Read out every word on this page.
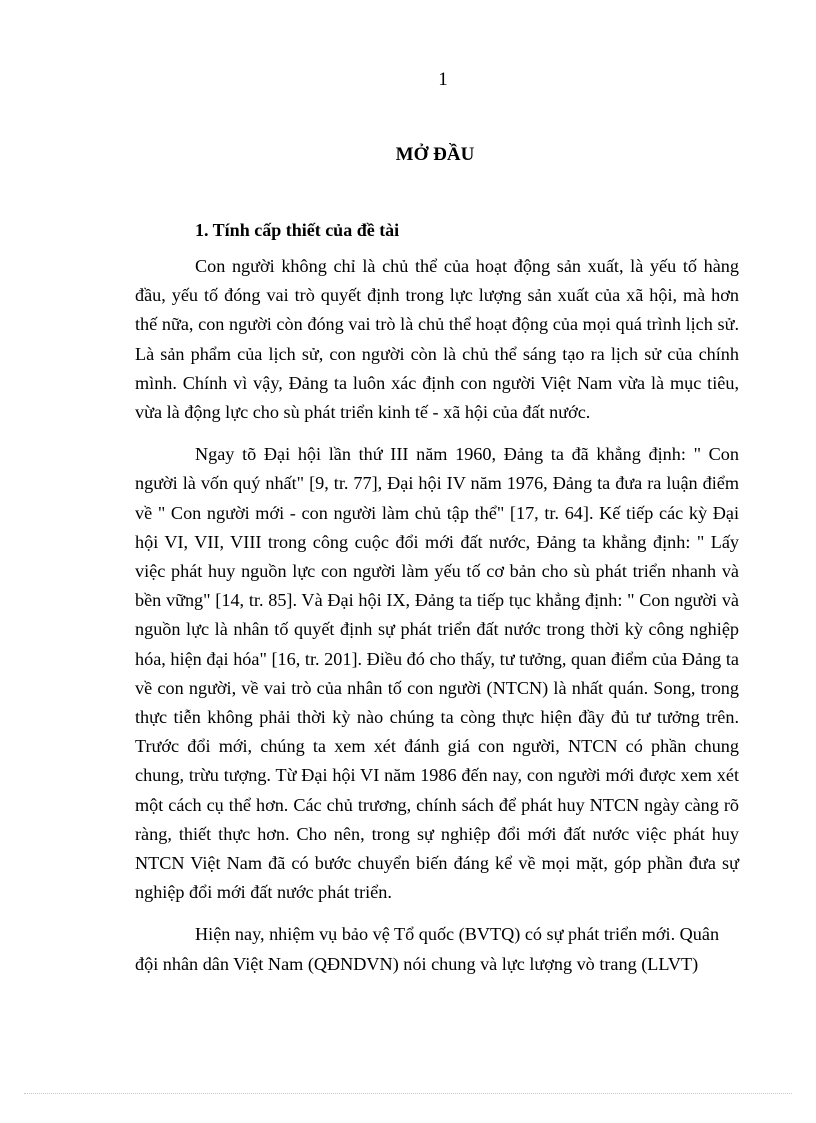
1
MỞ ĐẦU
1. Tính cấp thiết của đề tài

Con người không chỉ là chủ thể của hoạt động sản xuất, là yếu tố hàng đầu, yếu tố đóng vai trò quyết định trong lực lượng sản xuất của xã hội, mà hơn thế nữa, con người còn đóng vai trò là chủ thể hoạt động của mọi quá trình lịch sử. Là sản phẩm của lịch sử, con người còn là chủ thể sáng tạo ra lịch sử của chính mình. Chính vì vậy, Đảng ta luôn xác định con người Việt Nam vừa là mục tiêu, vừa là động lực cho sù phát triển kinh tế - xã hội của đất nước.

Ngay tõ Đại hội lần thứ III năm 1960, Đảng ta đã khẳng định: " Con người là vốn quý nhất" [9, tr. 77], Đại hội IV năm 1976, Đảng ta đưa ra luận điểm về " Con người mới - con người làm chủ tập thể" [17, tr. 64]. Kế tiếp các kỳ Đại hội VI, VII, VIII trong công cuộc đổi mới đất nước, Đảng ta khẳng định: " Lấy việc phát huy nguồn lực con người làm yếu tố cơ bản cho sù phát triển nhanh và bền vững" [14, tr. 85]. Và Đại hội IX, Đảng ta tiếp tục khẳng định: " Con người và nguồn lực là nhân tố quyết định sự phát triển đất nước trong thời kỳ công nghiệp hóa, hiện đại hóa" [16, tr. 201]. Điều đó cho thấy, tư tưởng, quan điểm của Đảng ta về con người, về vai trò của nhân tố con người (NTCN) là nhất quán. Song, trong thực tiễn không phải thời kỳ nào chúng ta còng thực hiện đầy đủ tư tưởng trên. Trước đổi mới, chúng ta xem xét đánh giá con người, NTCN có phần chung chung, trừu tượng. Từ Đại hội VI năm 1986 đến nay, con người mới được xem xét một cách cụ thể hơn. Các chủ trương, chính sách để phát huy NTCN ngày càng rõ ràng, thiết thực hơn. Cho nên, trong sự nghiệp đổi mới đất nước việc phát huy NTCN Việt Nam đã có bước chuyển biến đáng kể về mọi mặt, góp phần đưa sự nghiệp đổi mới đất nước phát triển.

Hiện nay, nhiệm vụ bảo vệ Tổ quốc (BVTQ) có sự phát triển mới. Quân đội nhân dân Việt Nam (QĐNDVN) nói chung và lực lượng vò trang (LLVT)
